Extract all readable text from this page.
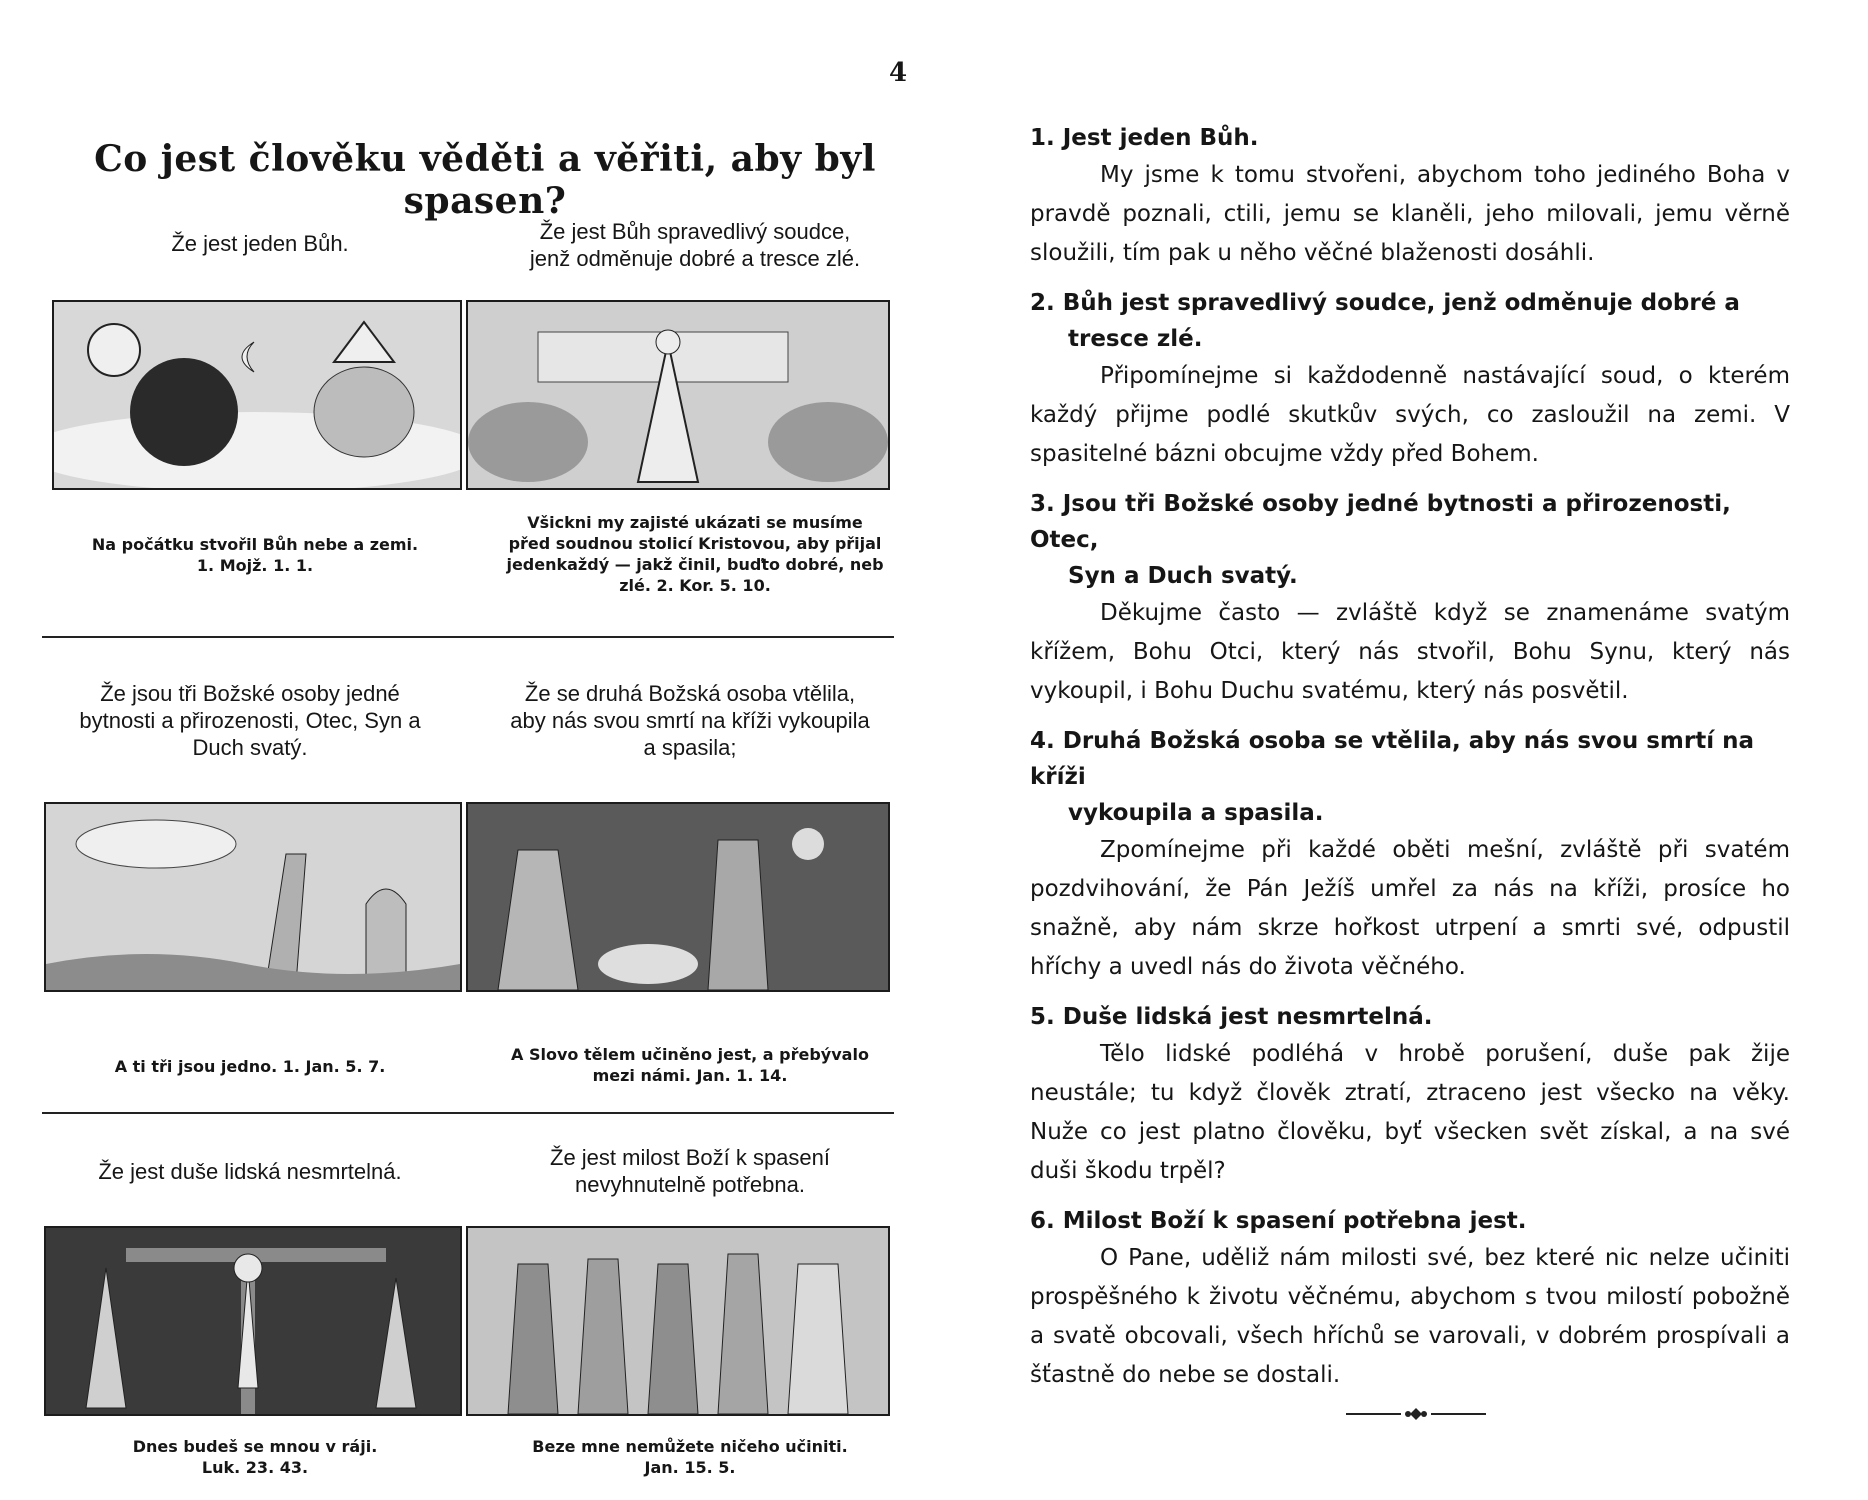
4
Co jest člověku věděti a věřiti, aby byl spasen?
Že jest jeden Bůh.	Že jest Bůh spravedlivý soudce, jenž odměnuje dobré a tresce zlé.
Na počátku stvořil Bůh nebe a zemi.
1. Mojž. 1. 1.
Všickni my zajisté ukázati se musíme před soudnou stolicí Kristovou, aby přijal jedenkaždý — jakž činil, buďto dobré, neb zlé. 2. Kor. 5. 10.
Že jsou tři Božské osoby jedné bytnosti a přirozenosti, Otec, Syn a Duch svatý.
Že se druhá Božská osoba vtělila, aby nás svou smrtí na kříži vykoupila a spasila;
A ti tři jsou jedno. 1. Jan. 5. 7.
A Slovo tělem učiněno jest, a přebývalo mezi námi. Jan. 1. 14.
Že jest duše lidská nesmrtelná.
Že jest milost Boží k spasení nevyhnutelně potřebna.
Dnes budeš se mnou v ráji.
Luk. 23. 43.
Beze mne nemůžete ničeho učiniti.
Jan. 15. 5.
1. Jest jeden Bůh.
My jsme k tomu stvořeni, abychom toho jediného Boha v pravdě poznali, ctili, jemu se klaněli, jeho milovali, jemu věrně sloužili, tím pak u něho věčné blaženosti dosáhli.
2. Bůh jest spravedlivý soudce, jenž odměnuje dobré a
tresce zlé.
Připomínejme si každodenně nastávající soud, o kterém každý přijme podlé skutkův svých, co zasloužil na zemi. V spasitelné bázni obcujme vždy před Bohem.
3. Jsou tři Božské osoby jedné bytnosti a přirozenosti, Otec,
Syn a Duch svatý.
Děkujme často — zvláště když se znamenáme svatým křížem, Bohu Otci, který nás stvořil, Bohu Synu, který nás vykoupil, i Bohu Duchu svatému, který nás posvětil.
4. Druhá Božská osoba se vtělila, aby nás svou smrtí na kříži
vykoupila a spasila.
Zpomínejme při každé oběti mešní, zvláště při svatém pozdvihování, že Pán Ježíš umřel za nás na kříži, prosíce ho snažně, aby nám skrze hořkost utrpení a smrti své, odpustil hříchy a uvedl nás do života věčného.
5. Duše lidská jest nesmrtelná.
Tělo lidské podléhá v hrobě porušení, duše pak žije neustále; tu když člověk ztratí, ztraceno jest všecko na věky. Nuže co jest platno člověku, byť všecken svět získal, a na své duši škodu trpěl?
6. Milost Boží k spasení potřebna jest.
O Pane, uděliž nám milosti své, bez které nic nelze učiniti prospěšného k životu věčnému, abychom s tvou milostí pobožně a svatě obcovali, všech hříchů se varovali, v dobrém prospívali a šťastně do nebe se dostali.
